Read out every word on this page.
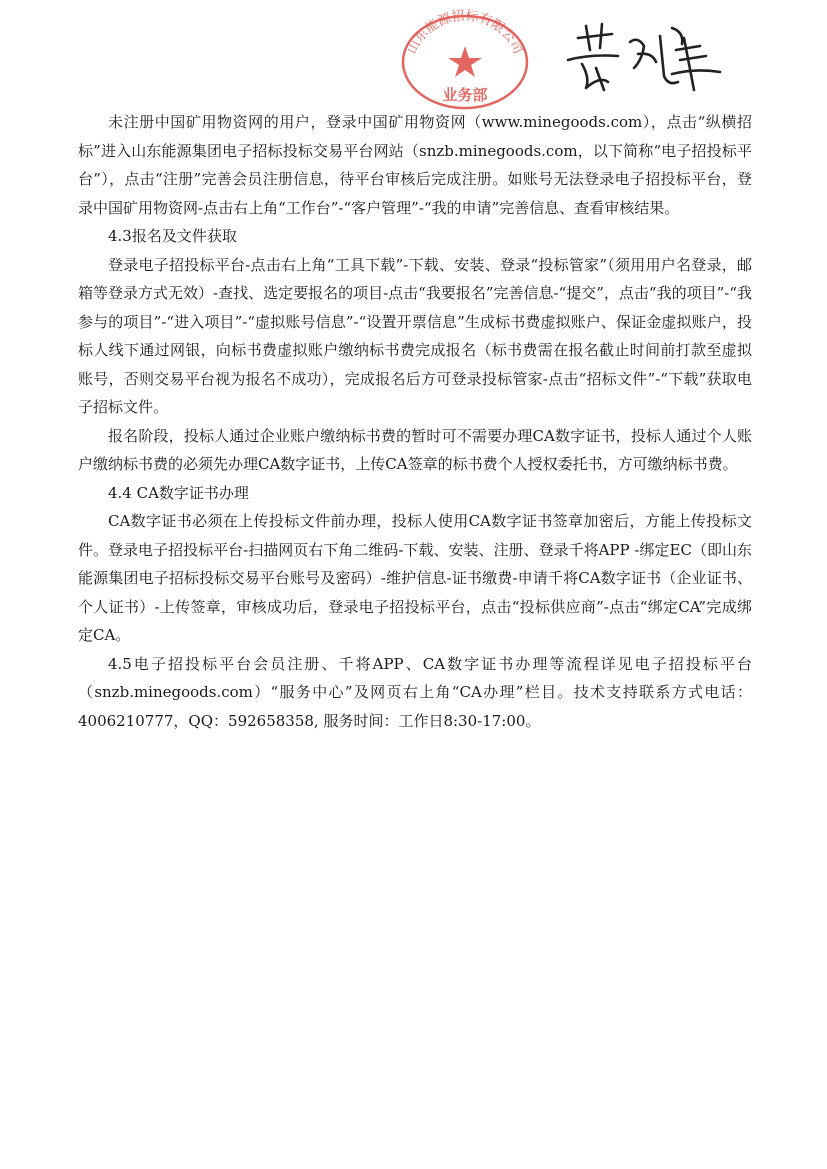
山东能源招标有限公司
业务部

未注册中国矿用物资网的用户，登录中国矿用物资网（www.minegoods.com），点击“纵横招标”进入山东能源集团电子招标投标交易平台网站（snzb.minegoods.com，以下简称“电子招投标平台”），点击“注册”完善会员注册信息，待平台审核后完成注册。如账号无法登录电子招投标平台，登录中国矿用物资网-点击右上角“工作台”-“客户管理”-“我的申请”完善信息、查看审核结果。

4.3报名及文件获取

登录电子招投标平台-点击右上角“工具下载”-下载、安装、登录“投标管家”（须用用户名登录，邮箱等登录方式无效）-查找、选定要报名的项目-点击“我要报名”完善信息-“提交”，点击“我的项目”-“我参与的项目”-“进入项目”-“虚拟账号信息”-“设置开票信息”生成标书费虚拟账户、保证金虚拟账户，投标人线下通过网银，向标书费虚拟账户缴纳标书费完成报名（标书费需在报名截止时间前打款至虚拟账号，否则交易平台视为报名不成功），完成报名后方可登录投标管家-点击“招标文件”-“下载”获取电子招标文件。

报名阶段，投标人通过企业账户缴纳标书费的暂时可不需要办理CA数字证书，投标人通过个人账户缴纳标书费的必须先办理CA数字证书，上传CA签章的标书费个人授权委托书，方可缴纳标书费。

4.4 CA数字证书办理

CA数字证书必须在上传投标文件前办理，投标人使用CA数字证书签章加密后，方能上传投标文件。登录电子招投标平台-扫描网页右下角二维码-下载、安装、注册、登录千将APP -绑定EC（即山东能源集团电子招标投标交易平台账号及密码）-维护信息-证书缴费-申请千将CA数字证书（企业证书、个人证书）-上传签章，审核成功后，登录电子招投标平台，点击“投标供应商”-点击“绑定CA”完成绑定CA。

4.5电子招投标平台会员注册、千将APP、CA数字证书办理等流程详见电子招投标平台（snzb.minegoods.com）“服务中心”及网页右上角“CA办理”栏目。技术支持联系方式电话： 4006210777，QQ：592658358, 服务时间：工作日8:30-17:00。
